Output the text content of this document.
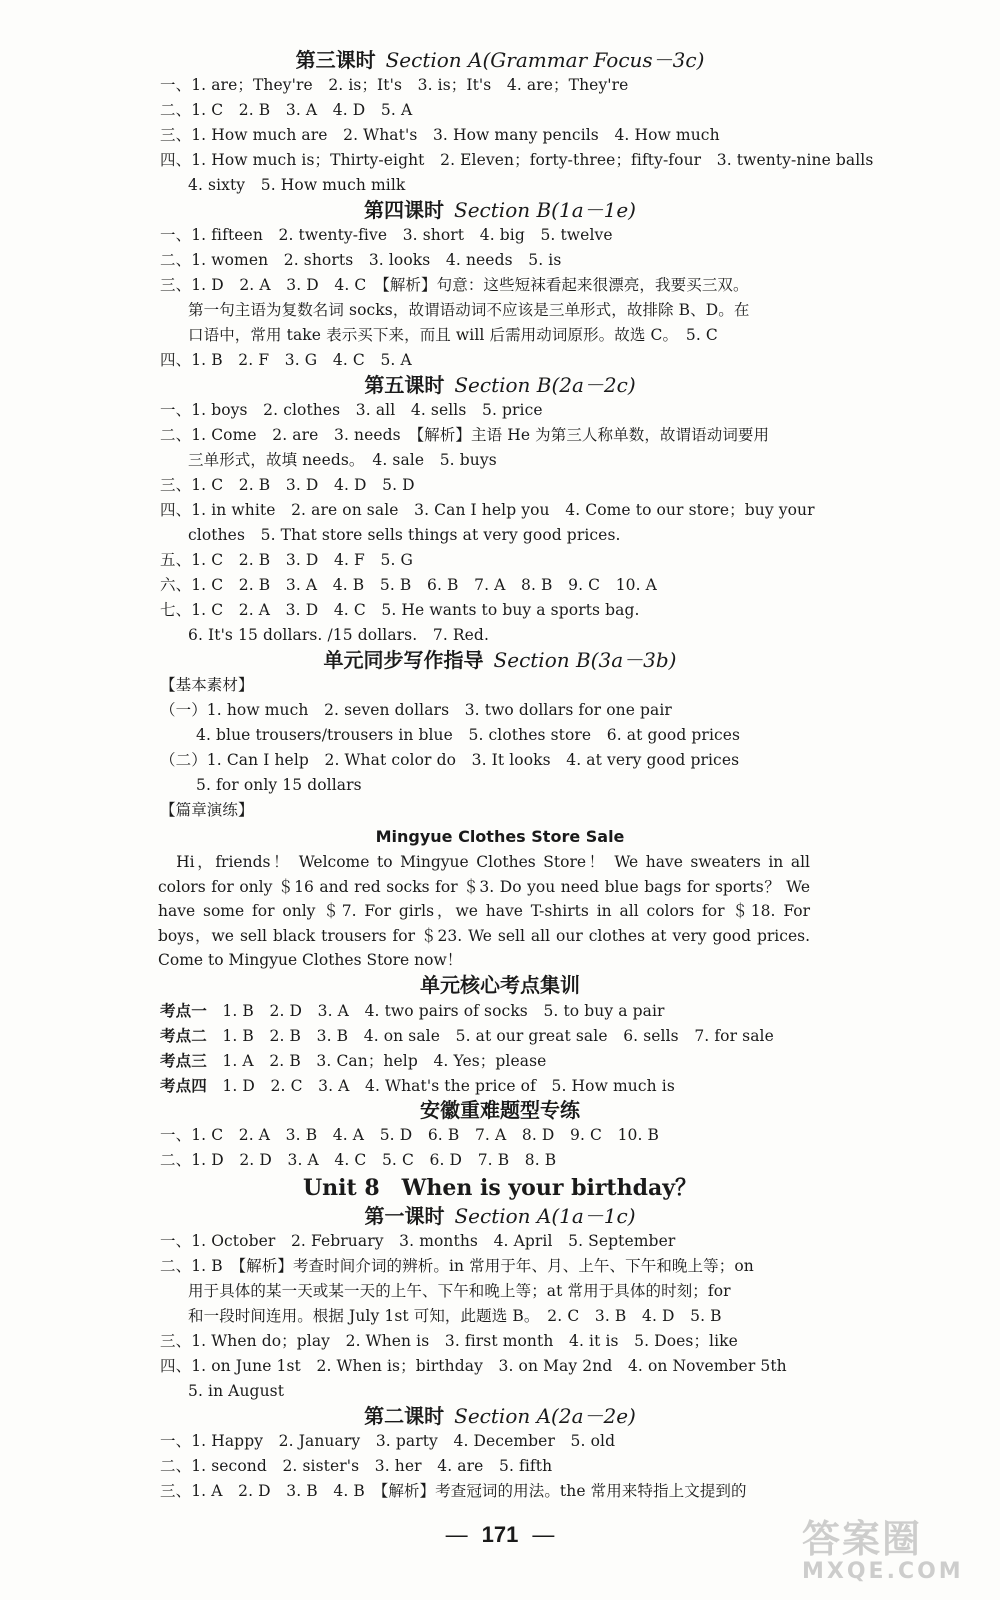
第三课时 Section A(Grammar Focus－3c)
一、1. are；They're　2. is；It's　3. is；It's　4. are；They're
二、1. C　2. B　3. A　4. D　5. A
三、1. How much are　2. What's　3. How many pencils　4. How much
四、1. How much is；Thirty-eight　2. Eleven；forty-three；fifty-four　3. twenty-nine balls
4. sixty　5. How much milk
第四课时 Section B(1a－1e)
一、1. fifteen　2. twenty-five　3. short　4. big　5. twelve
二、1. women　2. shorts　3. looks　4. needs　5. is
三、1. D　2. A　3. D　4. C　【解析】句意：这些短袜看起来很漂亮，我要买三双。
第一句主语为复数名词 socks，故谓语动词不应该是三单形式，故排除 B、D。在
口语中，常用 take 表示买下来，而且 will 后需用动词原形。故选 C。　5. C
四、1. B　2. F　3. G　4. C　5. A
第五课时 Section B(2a－2c)
一、1. boys　2. clothes　3. all　4. sells　5. price
二、1. Come　2. are　3. needs　【解析】主语 He 为第三人称单数，故谓语动词要用
三单形式，故填 needs。　4. sale　5. buys
三、1. C　2. B　3. D　4. D　5. D
四、1. in white　2. are on sale　3. Can I help you　4. Come to our store；buy your
clothes　5. That store sells things at very good prices.
五、1. C　2. B　3. D　4. F　5. G
六、1. C　2. B　3. A　4. B　5. B　6. B　7. A　8. B　9. C　10. A
七、1. C　2. A　3. D　4. C　5. He wants to buy a sports bag.
6. It's 15 dollars. /15 dollars.　7. Red.
单元同步写作指导 Section B(3a－3b)
【基本素材】
（一）1. how much　2. seven dollars　3. two dollars for one pair
4. blue trousers/trousers in blue　5. clothes store　6. at good prices
（二）1. Can I help　2. What color do　3. It looks　4. at very good prices
5. for only 15 dollars
【篇章演练】
Mingyue Clothes Store Sale
　Hi，friends！ Welcome to Mingyue Clothes Store！ We have sweaters in all colors for only ＄16 and red socks for ＄3. Do you need blue bags for sports？ We have some for only ＄7. For girls，we have T-shirts in all colors for ＄18. For boys，we sell black trousers for ＄23. We sell all our clothes at very good prices. Come to Mingyue Clothes Store now！
单元核心考点集训
考点一　1. B　2. D　3. A　4. two pairs of socks　5. to buy a pair
考点二　1. B　2. B　3. B　4. on sale　5. at our great sale　6. sells　7. for sale
考点三　1. A　2. B　3. Can；help　4. Yes；please
考点四　1. D　2. C　3. A　4. What's the price of　5. How much is
安徽重难题型专练
一、1. C　2. A　3. B　4. A　5. D　6. B　7. A　8. D　9. C　10. B
二、1. D　2. D　3. A　4. C　5. C　6. D　7. B　8. B
Unit 8　When is your birthday？
第一课时 Section A(1a－1c)
一、1. October　2. February　3. months　4. April　5. September
二、1. B　【解析】考查时间介词的辨析。in 常用于年、月、上午、下午和晚上等；on
用于具体的某一天或某一天的上午、下午和晚上等；at 常用于具体的时刻；for
和一段时间连用。根据 July 1st 可知，此题选 B。　2. C　3. B　4. D　5. B
三、1. When do；play　2. When is　3. first month　4. it is　5. Does；like
四、1. on June 1st　2. When is；birthday　3. on May 2nd　4. on November 5th
5. in August
第二课时 Section A(2a－2e)
一、1. Happy　2. January　3. party　4. December　5. old
二、1. second　2. sister's　3. her　4. are　5. fifth
三、1. A　2. D　3. B　4. B　【解析】考查冠词的用法。the 常用来特指上文提到的
— 171 —	答案圈
MXQE.COM
